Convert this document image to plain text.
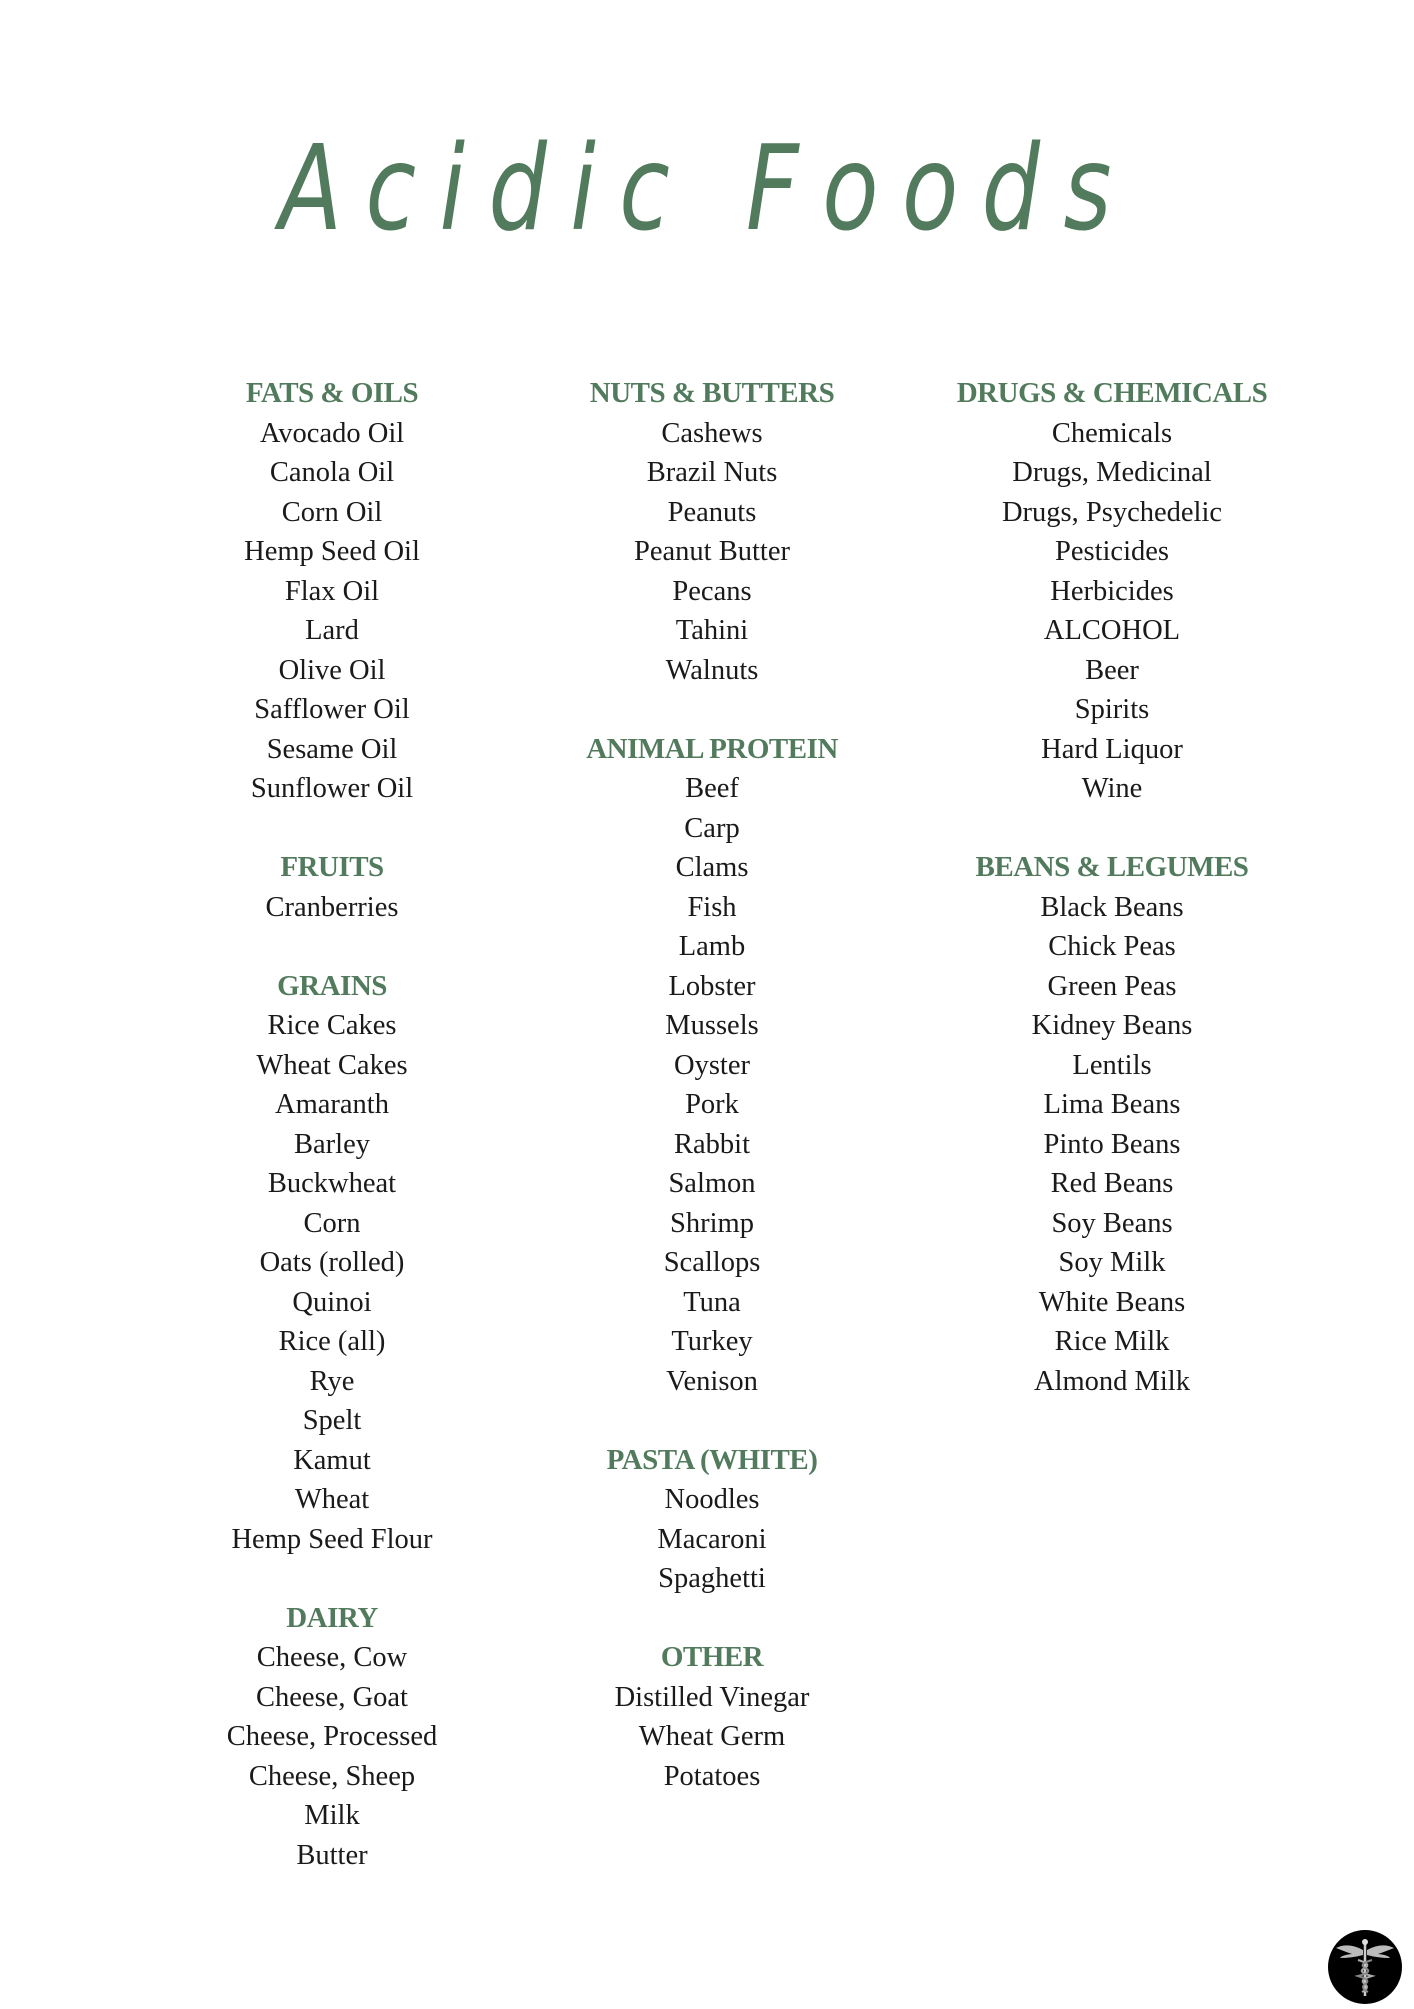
Acidic Foods
FATS & OILS
Avocado Oil
Canola Oil
Corn Oil
Hemp Seed Oil
Flax Oil
Lard
Olive Oil
Safflower Oil
Sesame Oil
Sunflower Oil
FRUITS
Cranberries
GRAINS
Rice Cakes
Wheat Cakes
Amaranth
Barley
Buckwheat
Corn
Oats (rolled)
Quinoi
Rice (all)
Rye
Spelt
Kamut
Wheat
Hemp Seed Flour
DAIRY
Cheese, Cow
Cheese, Goat
Cheese, Processed
Cheese, Sheep
Milk
Butter
NUTS & BUTTERS
Cashews
Brazil Nuts
Peanuts
Peanut Butter
Pecans
Tahini
Walnuts
ANIMAL PROTEIN
Beef
Carp
Clams
Fish
Lamb
Lobster
Mussels
Oyster
Pork
Rabbit
Salmon
Shrimp
Scallops
Tuna
Turkey
Venison
PASTA (WHITE)
Noodles
Macaroni
Spaghetti
OTHER
Distilled Vinegar
Wheat Germ
Potatoes
DRUGS & CHEMICALS
Chemicals
Drugs, Medicinal
Drugs, Psychedelic
Pesticides
Herbicides
ALCOHOL
Beer
Spirits
Hard Liquor
Wine
BEANS & LEGUMES
Black Beans
Chick Peas
Green Peas
Kidney Beans
Lentils
Lima Beans
Pinto Beans
Red Beans
Soy Beans
Soy Milk
White Beans
Rice Milk
Almond Milk
